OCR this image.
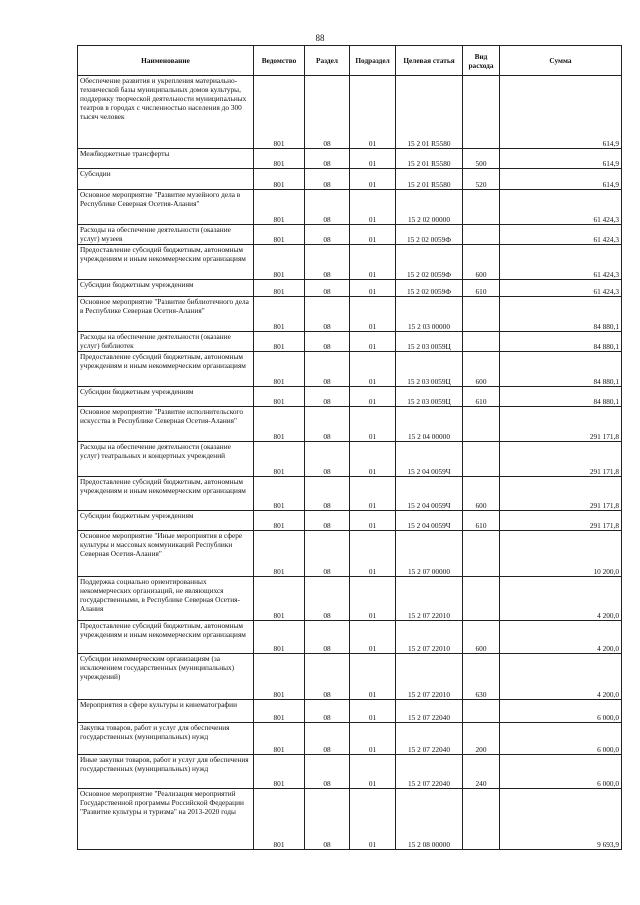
88
Наименование	Ведомство	Раздел	Подраздел	Целевая статья	Вид расхода	Сумма
Обеспечение развития и укрепления материально-технической базы муниципальных домов культуры, поддержку творческой деятельности муниципальных театров в городах с численностью населения до 300 тысяч человек	801	08	01	15 2 01 R5580		614,9
Межбюджетные трансферты	801	08	01	15 2 01 R5580	500	614,9
Субсидии	801	08	01	15 2 01 R5580	520	614,9
Основное мероприятие "Развитие музейного дела в Республике Северная Осетия-Алания"	801	08	01	15 2 02 00000		61 424,3
Расходы на обеспечение деятельности (оказание услуг) музеев	801	08	01	15 2 02 0059Ф		61 424,3
Предоставление субсидий бюджетным, автономным учреждениям и иным некоммерческим организациям	801	08	01	15 2 02 0059Ф	600	61 424,3
Субсидии бюджетным учреждениям	801	08	01	15 2 02 0059Ф	610	61 424,3
Основное мероприятие "Развитие библиотечного дела в Республике Северная Осетия-Алания"	801	08	01	15 2 03 00000		84 880,1
Расходы на обеспечение деятельности (оказание услуг) библиотек	801	08	01	15 2 03 0059Ц		84 880,1
Предоставление субсидий бюджетным, автономным учреждениям и иным некоммерческим организациям	801	08	01	15 2 03 0059Ц	600	84 880,1
Субсидии бюджетным учреждениям	801	08	01	15 2 03 0059Ц	610	84 880,1
Основное мероприятие "Развитие исполнительского искусства в Республике Северная Осетия-Алания"	801	08	01	15 2 04 00000		291 171,8
Расходы на обеспечение деятельности (оказание услуг) театральных и концертных учреждений	801	08	01	15 2 04 0059Ч		291 171,8
Предоставление субсидий бюджетным, автономным учреждениям и иным некоммерческим организациям	801	08	01	15 2 04 0059Ч	600	291 171,8
Субсидии бюджетным учреждениям	801	08	01	15 2 04 0059Ч	610	291 171,8
Основное мероприятие "Иные мероприятия в сфере культуры и массовых коммуникаций Республики Северная Осетия-Алания"	801	08	01	15 2 07 00000		10 200,0
Поддержка социально ориентированных некоммерческих организаций, не являющихся государственными, в Республике Северная Осетия-Алания	801	08	01	15 2 07 22010		4 200,0
Предоставление субсидий бюджетным, автономным учреждениям и иным некоммерческим организациям	801	08	01	15 2 07 22010	600	4 200,0
Субсидии некоммерческим организациям (за исключением государственных (муниципальных) учреждений)	801	08	01	15 2 07 22010	630	4 200,0
Мероприятия в сфере культуры и кинематографии	801	08	01	15 2 07 22040		6 000,0
Закупка товаров, работ и услуг для обеспечения государственных (муниципальных) нужд	801	08	01	15 2 07 22040	200	6 000,0
Иные закупки товаров, работ и услуг для обеспечения государственных (муниципальных) нужд	801	08	01	15 2 07 22040	240	6 000,0
Основное мероприятие "Реализация мероприятий Государственной программы Российской Федерации "Развитие культуры и туризма" на 2013-2020 годы	801	08	01	15 2 08 00000		9 693,9
